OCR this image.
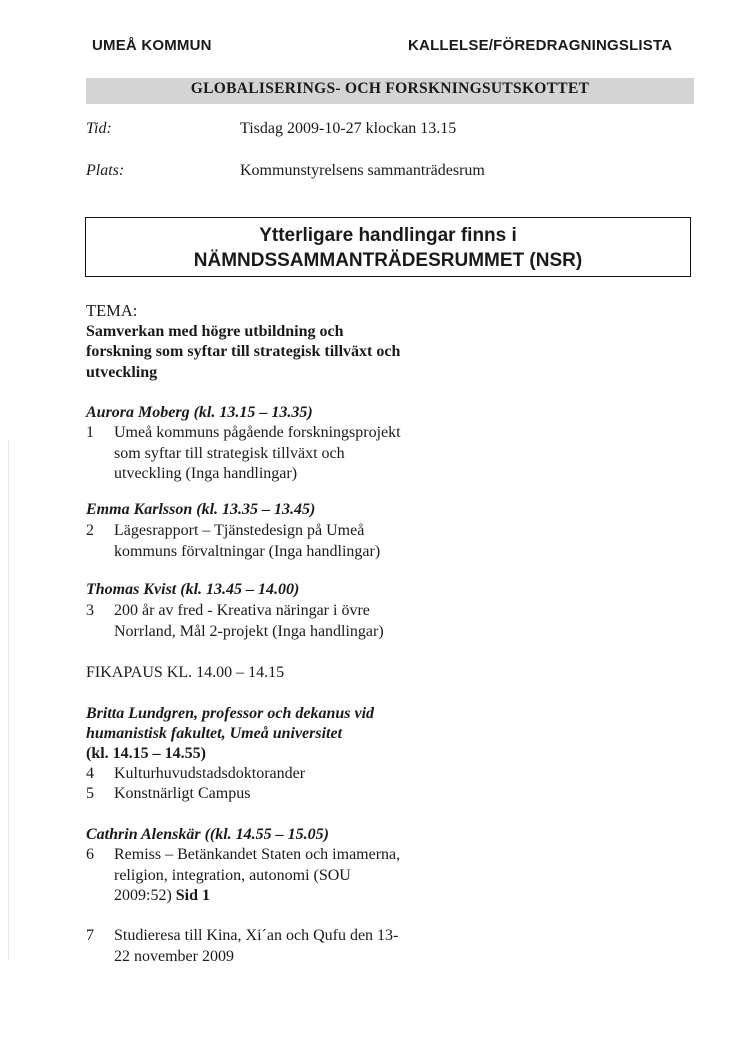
UMEÅ KOMMUN	KALLELSE/FÖREDRAGNINGSLISTA
GLOBALISERINGS- OCH FORSKNINGSUTSKOTTET
Tid:	Tisdag 2009-10-27 klockan 13.15
Plats:	Kommunstyrelsens sammanträdesrum
Ytterligare handlingar finns i
NÄMNDSSAMMANTRÄDESRUMMET (NSR)
TEMA:
Samverkan med högre utbildning och
forskning som syftar till strategisk tillväxt och
utveckling
Aurora Moberg (kl. 13.15 – 13.35)
1 Umeå kommuns pågående forskningsprojekt
som syftar till strategisk tillväxt och
utveckling (Inga handlingar)
Emma Karlsson (kl. 13.35 – 13.45)
2 Lägesrapport – Tjänstedesign på Umeå
kommuns förvaltningar (Inga handlingar)
Thomas Kvist (kl. 13.45 – 14.00)
3 200 år av fred - Kreativa näringar i övre
Norrland, Mål 2-projekt (Inga handlingar)
FIKAPAUS KL. 14.00 – 14.15
Britta Lundgren, professor och dekanus vid
humanistisk fakultet, Umeå universitet
(kl. 14.15 – 14.55)
4 Kulturhuvudstadsdoktorander
5 Konstnärligt Campus
Cathrin Alenskär ((kl. 14.55 – 15.05)
6 Remiss – Betänkandet Staten och imamerna,
religion, integration, autonomi (SOU
2009:52) Sid 1
7 Studieresa till Kina, Xi´an och Qufu den 13-
22 november 2009
